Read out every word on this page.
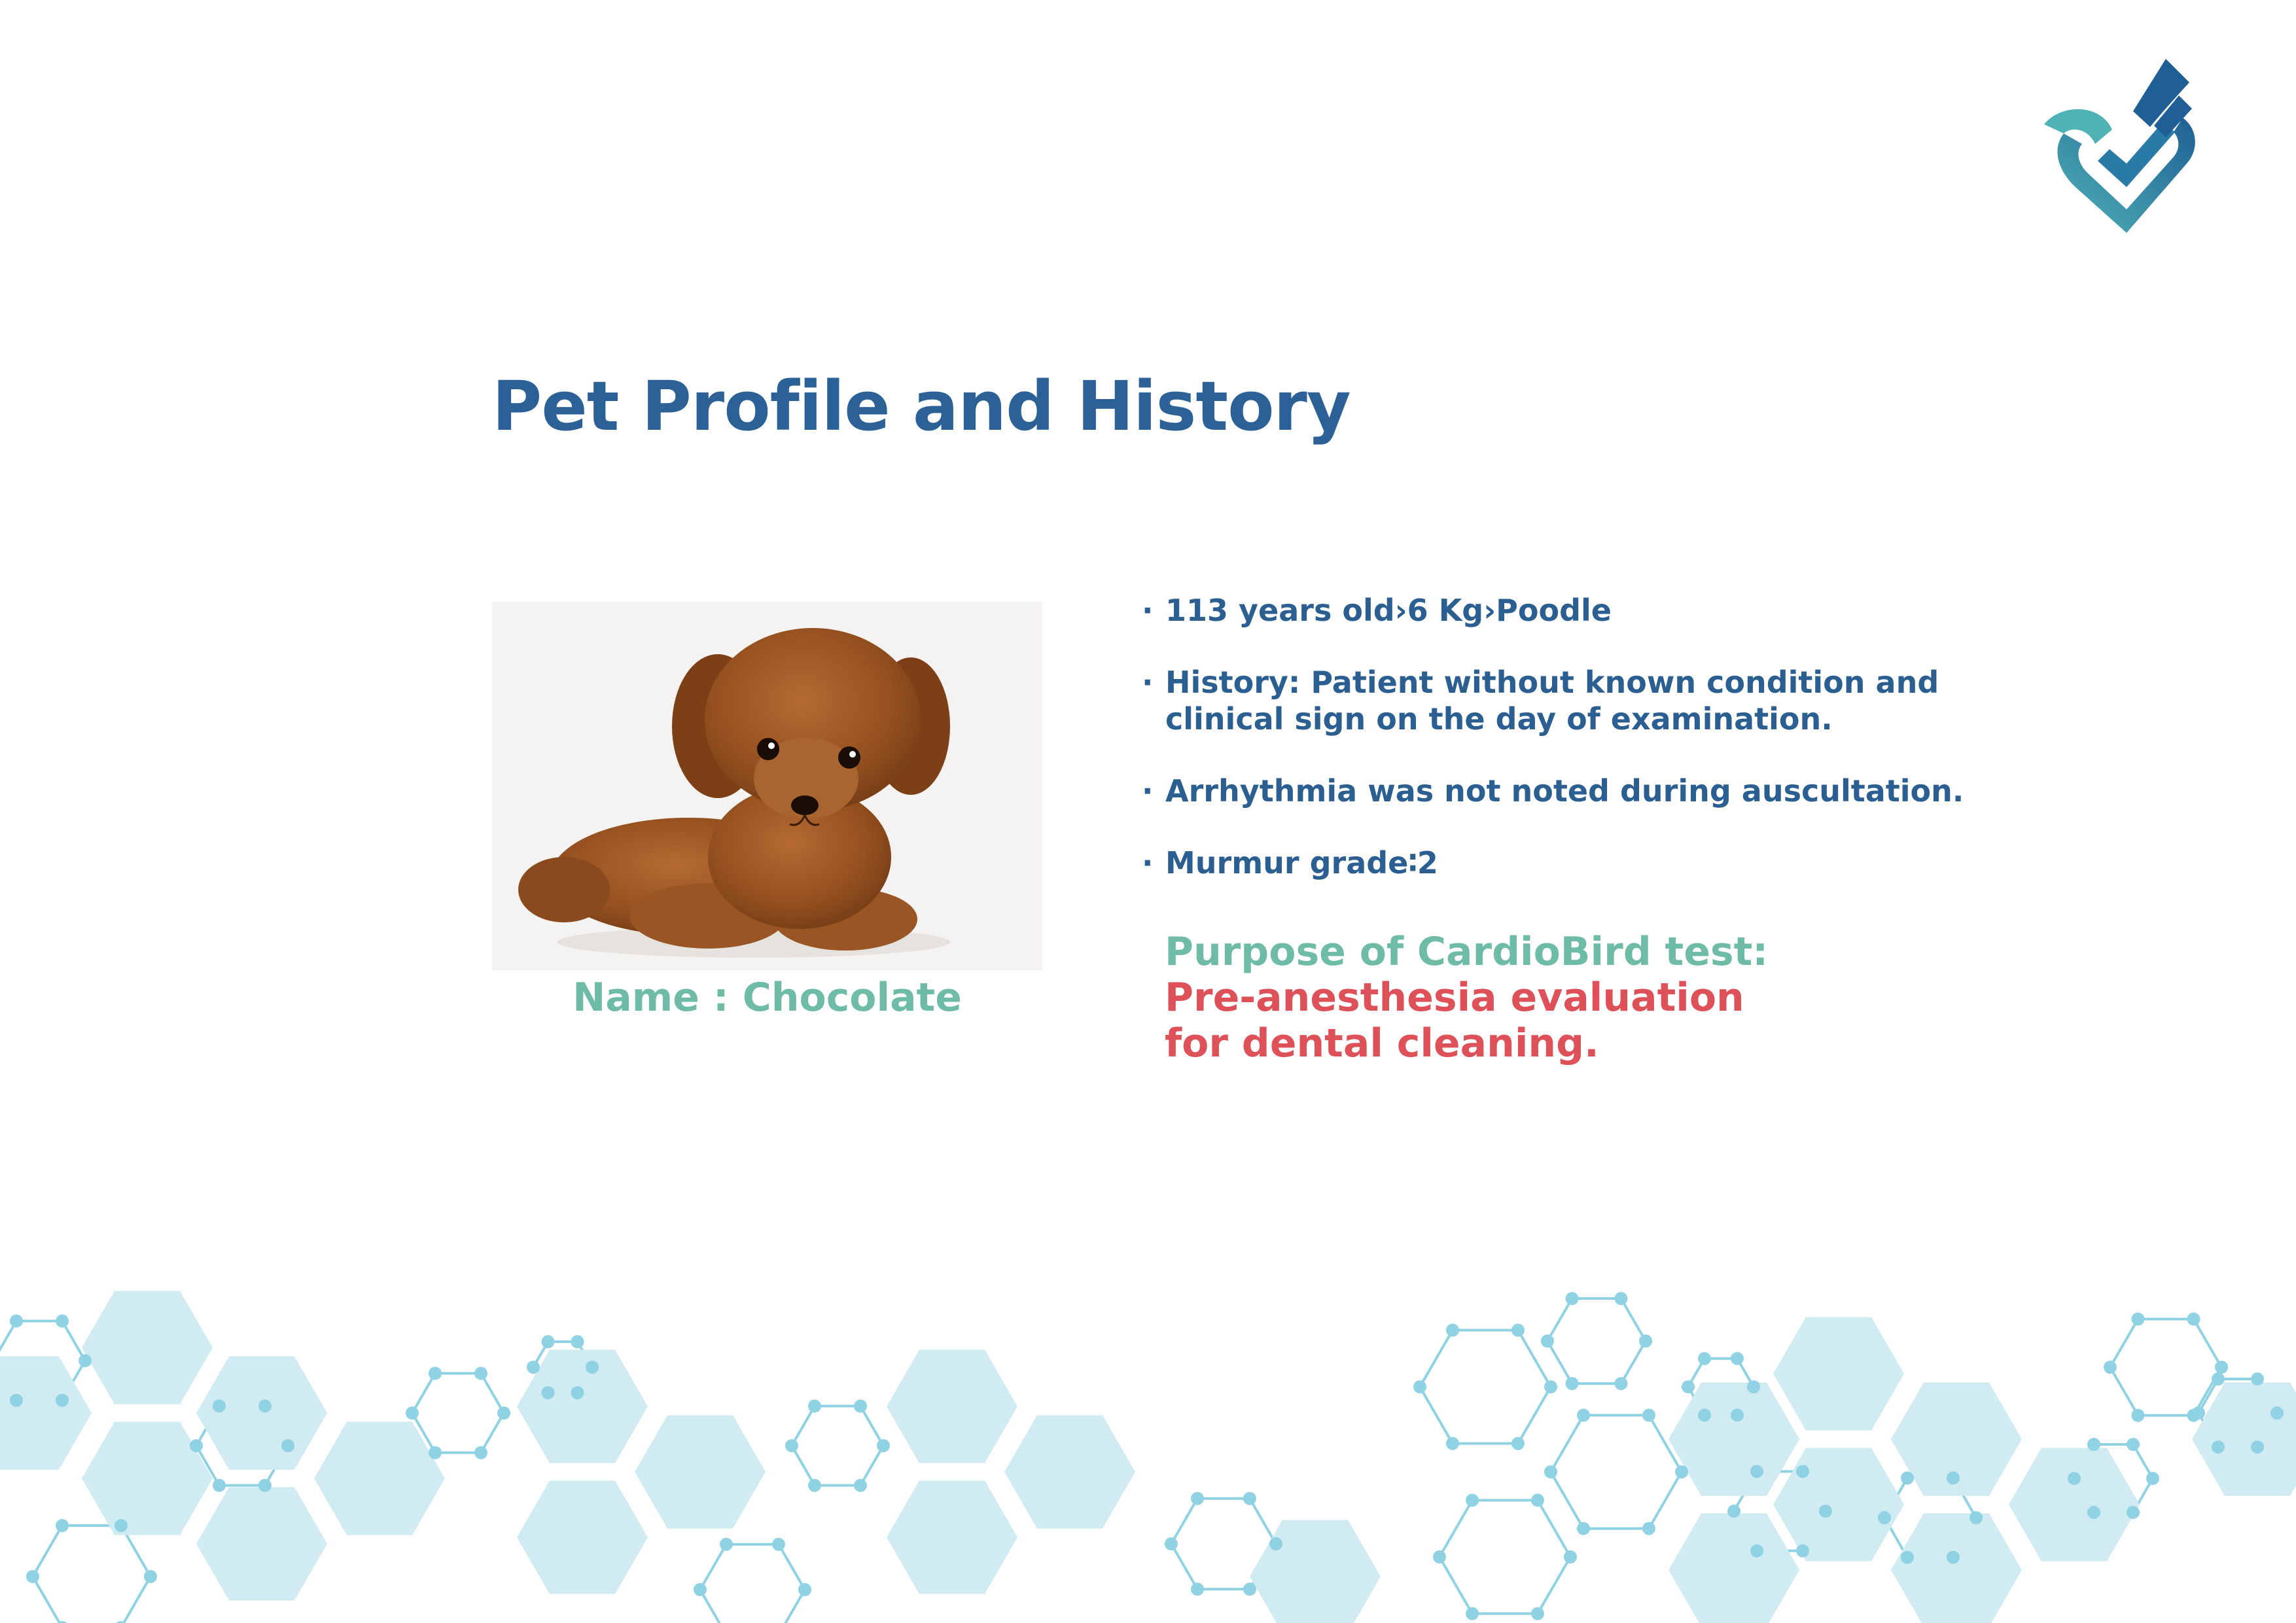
Pet Profile and History
Name : Chocolate
· 113 years old›6 Kg›Poodle
· History: Patient without known condition and clinical sign on the day of examination.
· Arrhythmia was not noted during auscultation.
· Murmur grade∶2
Purpose of CardioBird test:
Pre-anesthesia evaluation
for dental cleaning.
